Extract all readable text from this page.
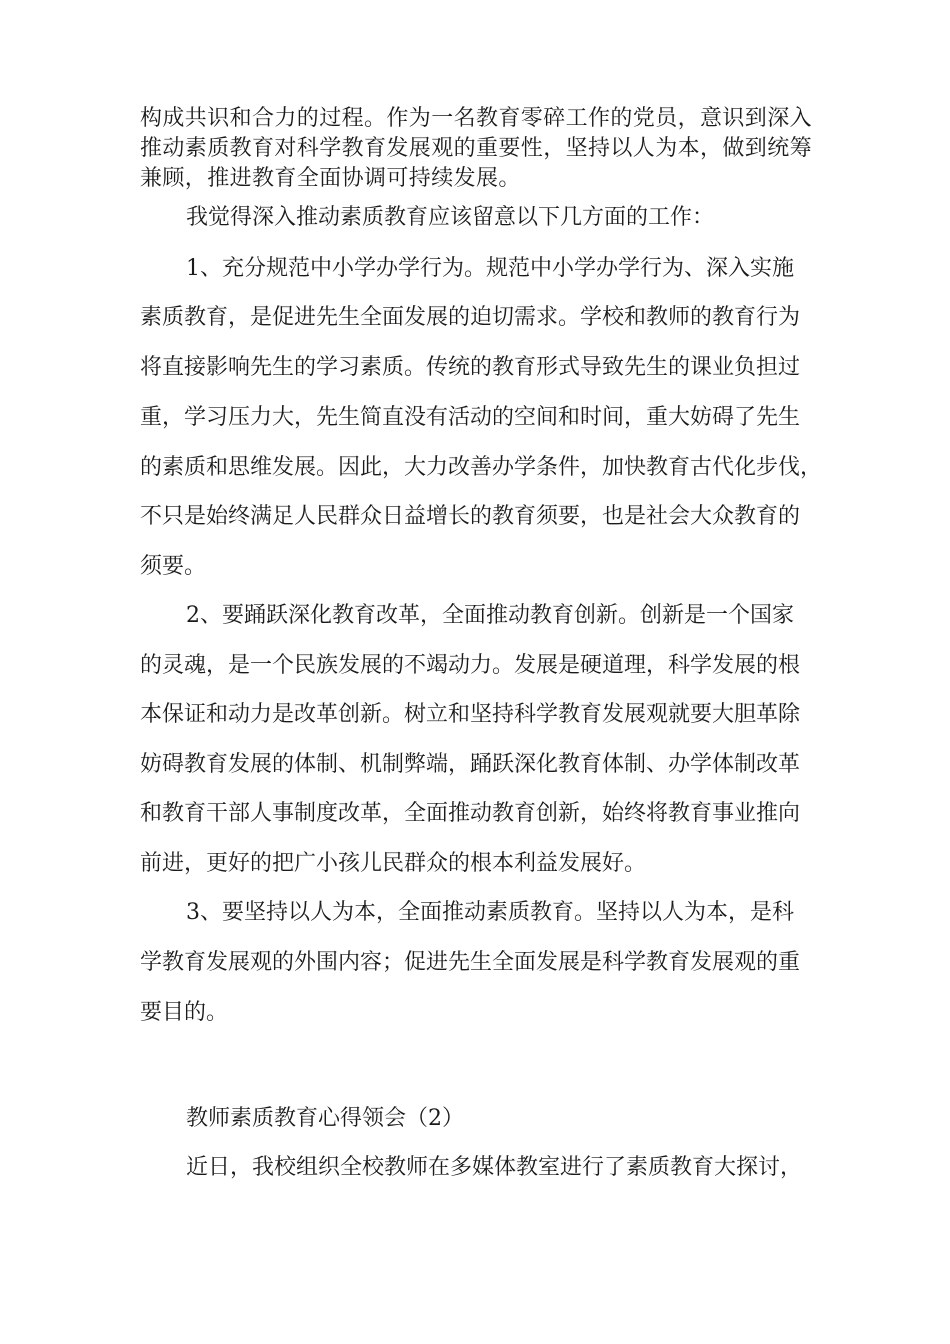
构成共识和合力的过程。作为一名教育零碎工作的党员，意识到深入
推动素质教育对科学教育发展观的重要性，坚持以人为本，做到统筹
兼顾，推进教育全面协调可持续发展。
我觉得深入推动素质教育应该留意以下几方面的工作：
1、充分规范中小学办学行为。规范中小学办学行为、深入实施
素质教育，是促进先生全面发展的迫切需求。学校和教师的教育行为
将直接影响先生的学习素质。传统的教育形式导致先生的课业负担过
重，学习压力大，先生简直没有活动的空间和时间，重大妨碍了先生
的素质和思维发展。因此，大力改善办学条件，加快教育古代化步伐，
不只是始终满足人民群众日益增长的教育须要，也是社会大众教育的
须要。
2、要踊跃深化教育改革，全面推动教育创新。创新是一个国家
的灵魂，是一个民族发展的不竭动力。发展是硬道理，科学发展的根
本保证和动力是改革创新。树立和坚持科学教育发展观就要大胆革除
妨碍教育发展的体制、机制弊端，踊跃深化教育体制、办学体制改革
和教育干部人事制度改革，全面推动教育创新，始终将教育事业推向
前进，更好的把广小孩儿民群众的根本利益发展好。
3、要坚持以人为本，全面推动素质教育。坚持以人为本，是科
学教育发展观的外围内容；促进先生全面发展是科学教育发展观的重
要目的。
教师素质教育心得领会（2）
近日，我校组织全校教师在多媒体教室进行了素质教育大探讨，
